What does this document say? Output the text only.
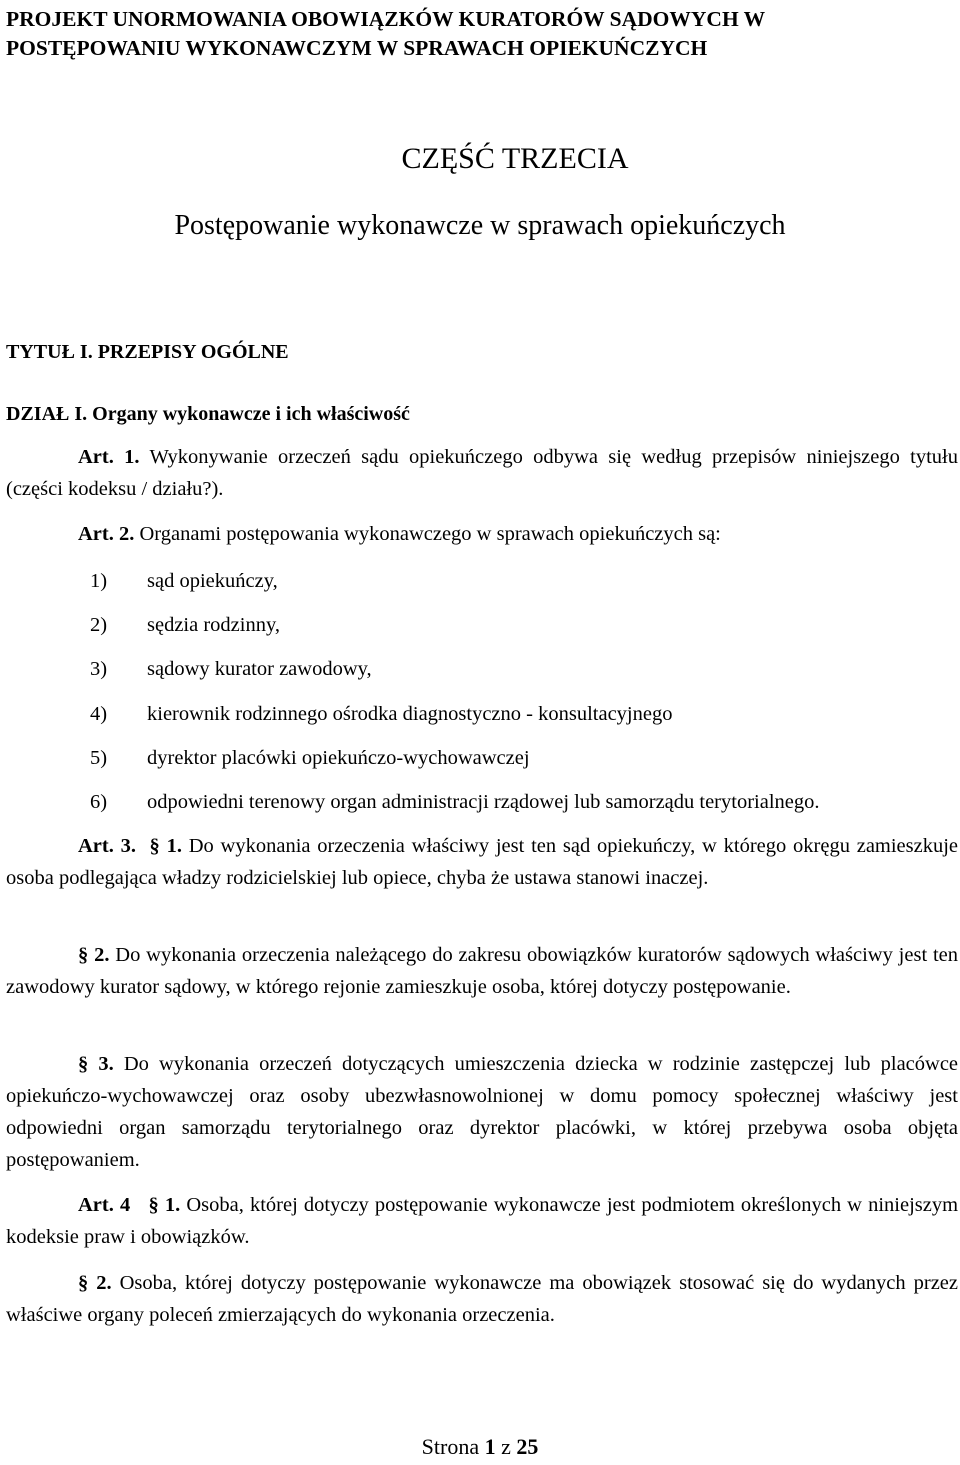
PROJEKT UNORMOWANIA OBOWIĄZKÓW KURATORÓW SĄDOWYCH W
POSTĘPOWANIU WYKONAWCZYM W SPRAWACH OPIEKUŃCZYCH
CZĘŚĆ TRZECIA
Postępowanie wykonawcze w sprawach opiekuńczych
TYTUŁ I. PRZEPISY OGÓLNE
DZIAŁ I. Organy wykonawcze i ich właściwość

Art. 1. Wykonywanie orzeczeń sądu opiekuńczego odbywa się według przepisów niniejszego tytułu (części kodeksu / działu?).

Art. 2. Organami postępowania wykonawczego w sprawach opiekuńczych są:

1) sąd opiekuńczy,
2) sędzia rodzinny,
3) sądowy kurator zawodowy,
4) kierownik rodzinnego ośrodka diagnostyczno - konsultacyjnego
5) dyrektor placówki opiekuńczo-wychowawczej
6) odpowiedni terenowy organ administracji rządowej lub samorządu terytorialnego.

Art. 3. § 1. Do wykonania orzeczenia właściwy jest ten sąd opiekuńczy, w którego okręgu zamieszkuje osoba podlegająca władzy rodzicielskiej lub opiece, chyba że ustawa stanowi inaczej.

§ 2. Do wykonania orzeczenia należącego do zakresu obowiązków kuratorów sądowych właściwy jest ten zawodowy kurator sądowy, w którego rejonie zamieszkuje osoba, której dotyczy postępowanie.

§ 3. Do wykonania orzeczeń dotyczących umieszczenia dziecka w rodzinie zastępczej lub placówce opiekuńczo-wychowawczej oraz osoby ubezwłasnowolnionej w domu pomocy społecznej właściwy jest odpowiedni organ samorządu terytorialnego oraz dyrektor placówki, w której przebywa osoba objęta postępowaniem.

Art. 4 § 1. Osoba, której dotyczy postępowanie wykonawcze jest podmiotem określonych w niniejszym kodeksie praw i obowiązków.

§ 2. Osoba, której dotyczy postępowanie wykonawcze ma obowiązek stosować się do wydanych przez właściwe organy poleceń zmierzających do wykonania orzeczenia.

Strona 1 z 25
